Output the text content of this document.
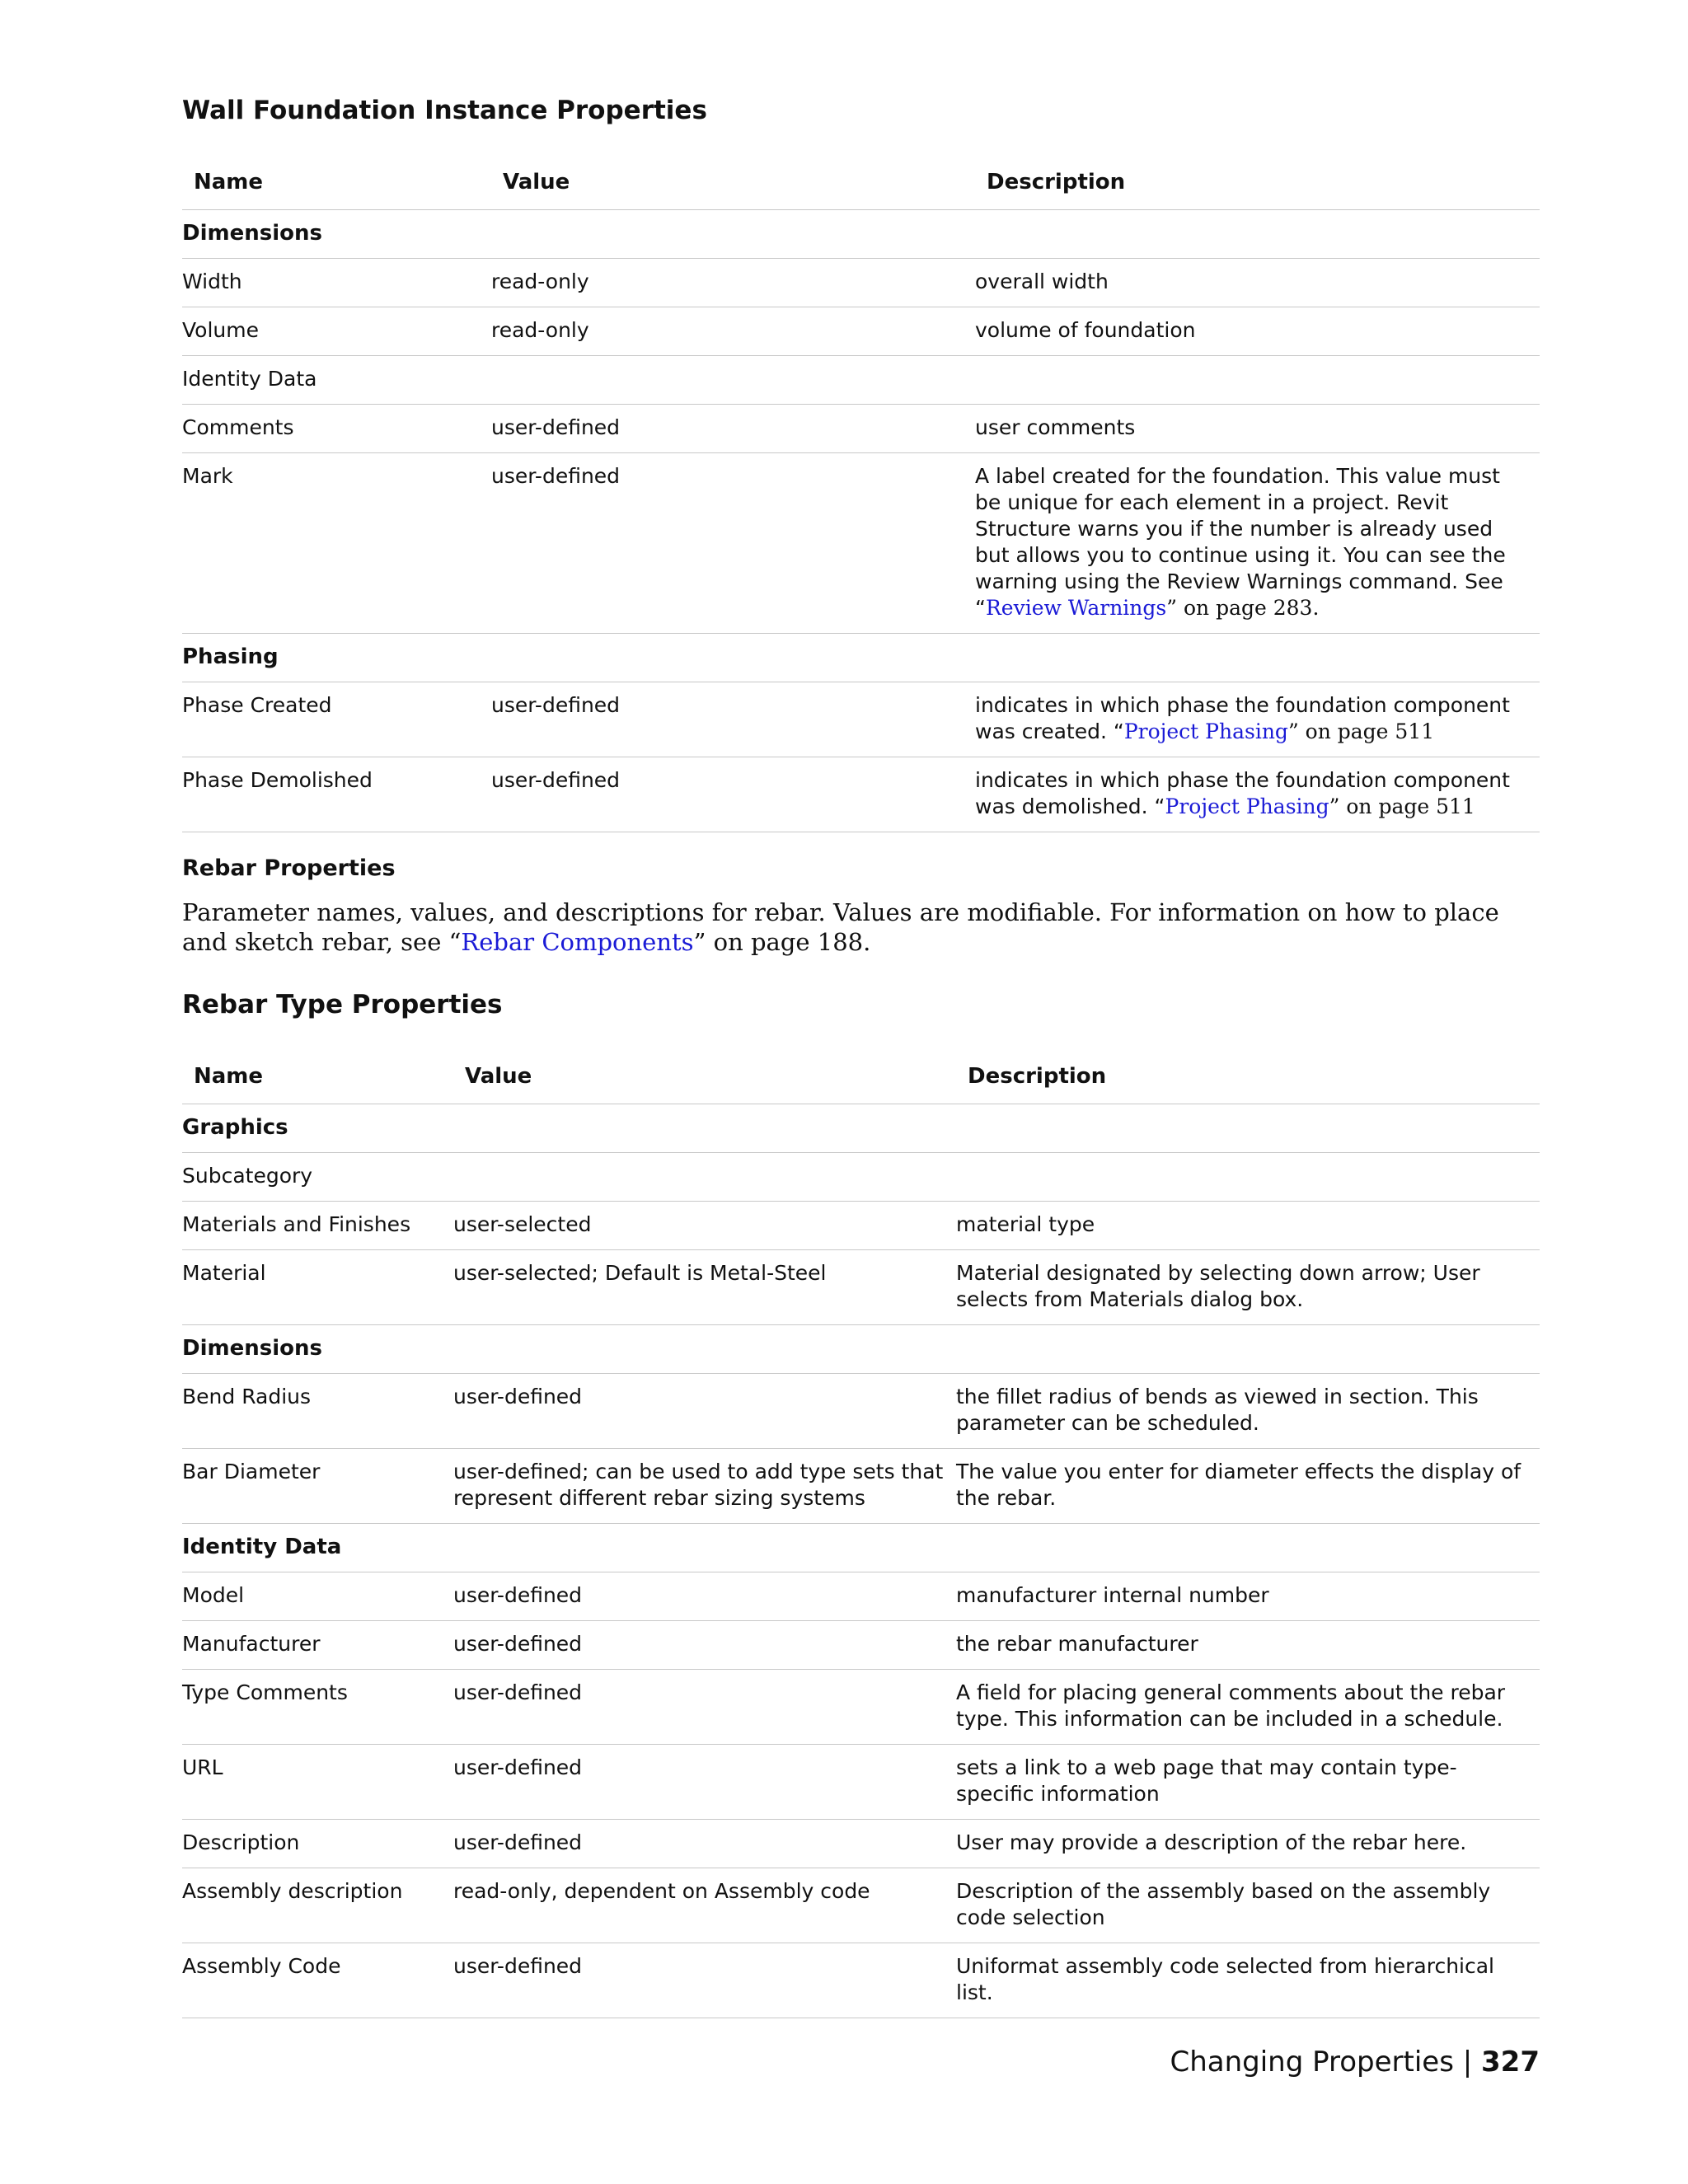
Wall Foundation Instance Properties
Name	Value	Description
Dimensions		
Width	read-only	overall width
Volume	read-only	volume of foundation
Identity Data		
Comments	user-defined	user comments
Mark	user-defined	A label created for the foundation. This value must be unique for each element in a project. Revit Structure warns you if the number is already used but allows you to continue using it. You can see the warning using the Review Warnings command. See “Review Warnings” on page 283.
Phasing		
Phase Created	user-defined	indicates in which phase the foundation component was created. “Project Phasing” on page 511
Phase Demolished	user-defined	indicates in which phase the foundation component was demolished. “Project Phasing” on page 511
Rebar Properties

Parameter names, values, and descriptions for rebar. Values are modifiable. For information on how to place and sketch rebar, see “Rebar Components” on page 188.

Rebar Type Properties
Name	Value	Description
Graphics		
Subcategory		
Materials and Finishes	user-selected	material type
Material	user-selected; Default is Metal-Steel	Material designated by selecting down arrow; User selects from Materials dialog box.
Dimensions		
Bend Radius	user-defined	the fillet radius of bends as viewed in section. This parameter can be scheduled.
Bar Diameter	user-defined; can be used to add type sets that represent different rebar sizing systems	The value you enter for diameter effects the display of the rebar.
Identity Data		
Model	user-defined	manufacturer internal number
Manufacturer	user-defined	the rebar manufacturer
Type Comments	user-defined	A field for placing general comments about the rebar type. This information can be included in a schedule.
URL	user-defined	sets a link to a web page that may contain type-specific information
Description	user-defined	User may provide a description of the rebar here.
Assembly description	read-only, dependent on Assembly code	Description of the assembly based on the assembly code selection
Assembly Code	user-defined	Uniformat assembly code selected from hierarchical list.
Changing Properties | 327
